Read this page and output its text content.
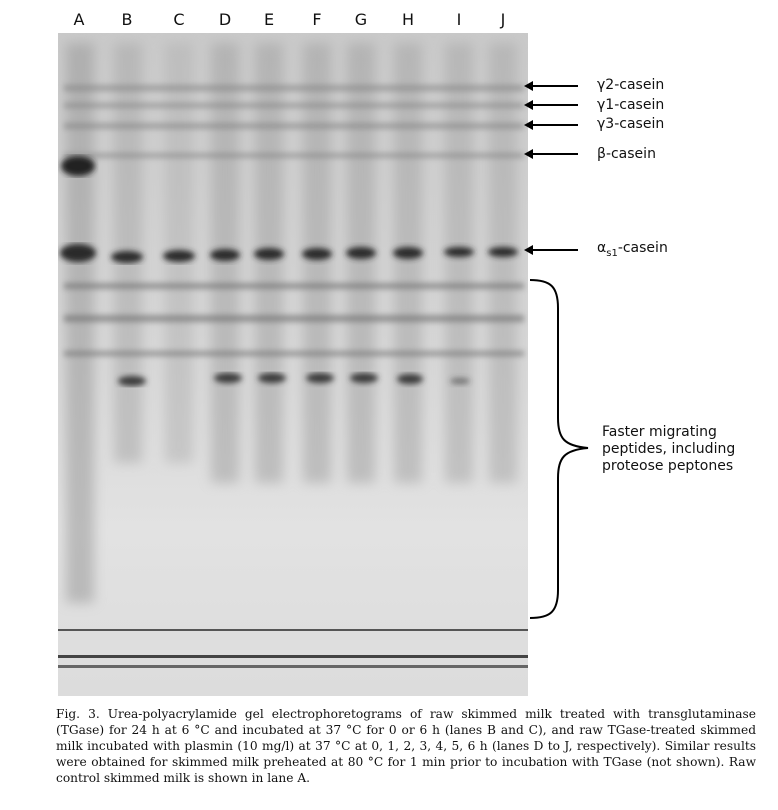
A B	C D	E	F	G H	I	J
γ2-casein
γ1-casein
γ3-casein
β-casein
$\alpha_{s1}$-casein
Faster migrating
peptides, including
proteose peptones
Fig. 3. Urea-polyacrylamide gel electrophoretograms of raw skimmed milk treated with transglutaminase (TGase) for 24 h at 6 °C and incubated at 37 °C for 0 or 6 h (lanes B and C), and raw TGase-treated skimmed milk incubated with plasmin (10 mg/l) at 37 °C at 0, 1, 2, 3, 4, 5, 6 h (lanes D to J, respectively). Similar results were obtained for skimmed milk preheated at 80 °C for 1 min prior to incubation with TGase (not shown). Raw control skimmed milk is shown in lane A.
